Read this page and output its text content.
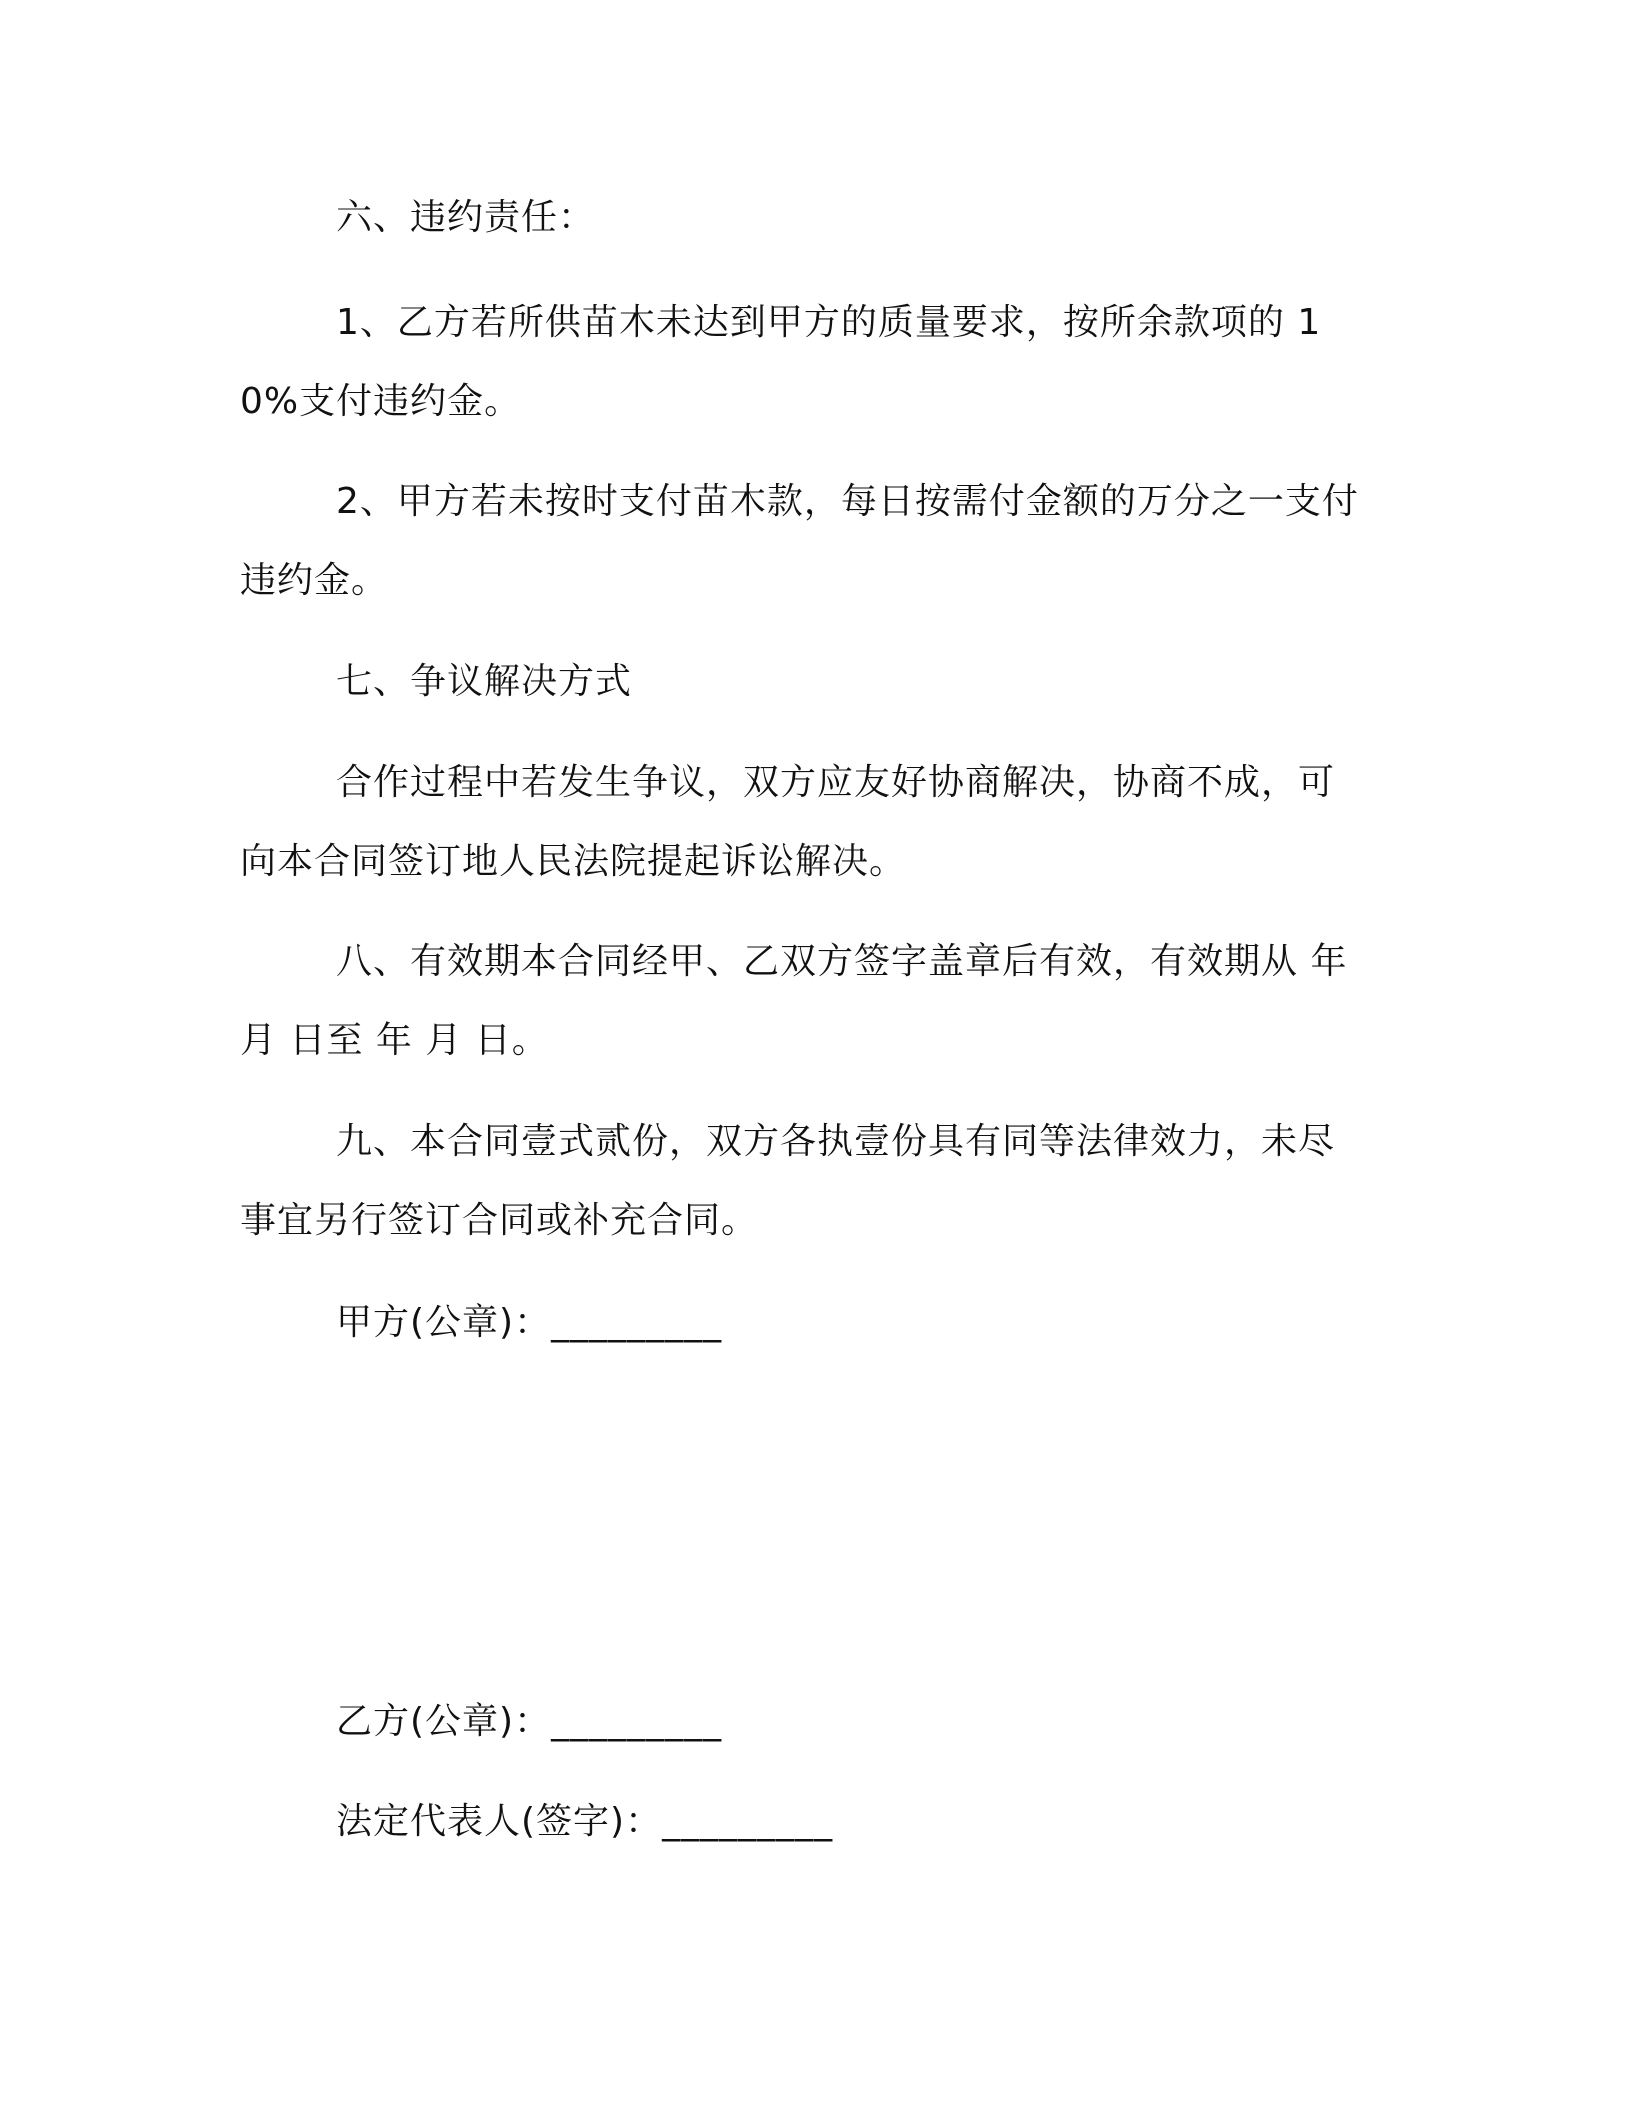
六、违约责任：
1、乙方若所供苗木未达到甲方的质量要求，按所余款项的 10%支付违约金。
2、甲方若未按时支付苗木款，每日按需付金额的万分之一支付违约金。
七、争议解决方式
合作过程中若发生争议，双方应友好协商解决，协商不成，可向本合同签订地人民法院提起诉讼解决。
八、有效期本合同经甲、乙双方签字盖章后有效，有效期从 年 月 日至 年 月 日。
九、本合同壹式贰份，双方各执壹份具有同等法律效力，未尽事宜另行签订合同或补充合同。
甲方(公章)：_________
乙方(公章)：_________
法定代表人(签字)：_________
